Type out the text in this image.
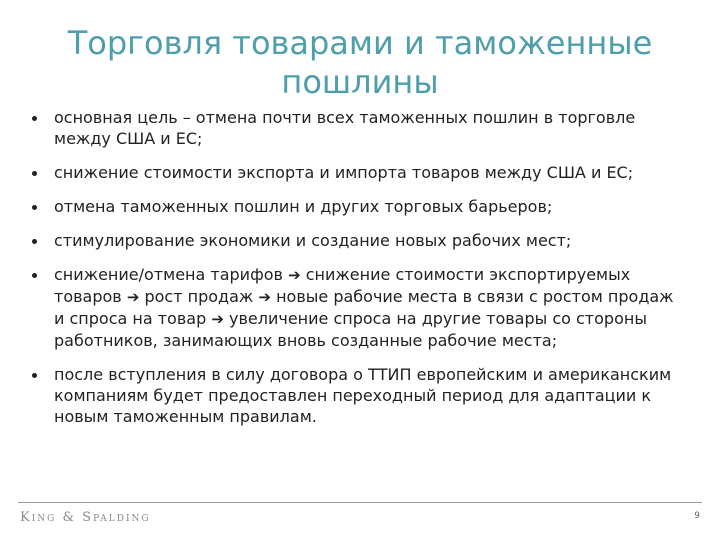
Торговля товарами и таможенные пошлины
основная цель – отмена почти всех таможенных пошлин в торговле между США и ЕС;
снижение стоимости экспорта и импорта товаров между США и ЕС;
отмена таможенных пошлин и других торговых барьеров;
стимулирование экономики и создание новых рабочих мест;
снижение/отмена тарифов ➔ снижение стоимости экспортируемых товаров ➔ рост продаж ➔ новые рабочие места в связи с ростом продаж и спроса на товар ➔ увеличение спроса на другие товары со стороны работников, занимающих вновь созданные рабочие места;
после вступления в силу договора о ТТИП европейским и американским компаниям будет предоставлен переходный период для адаптации к новым таможенным правилам.
King & Spalding	9
